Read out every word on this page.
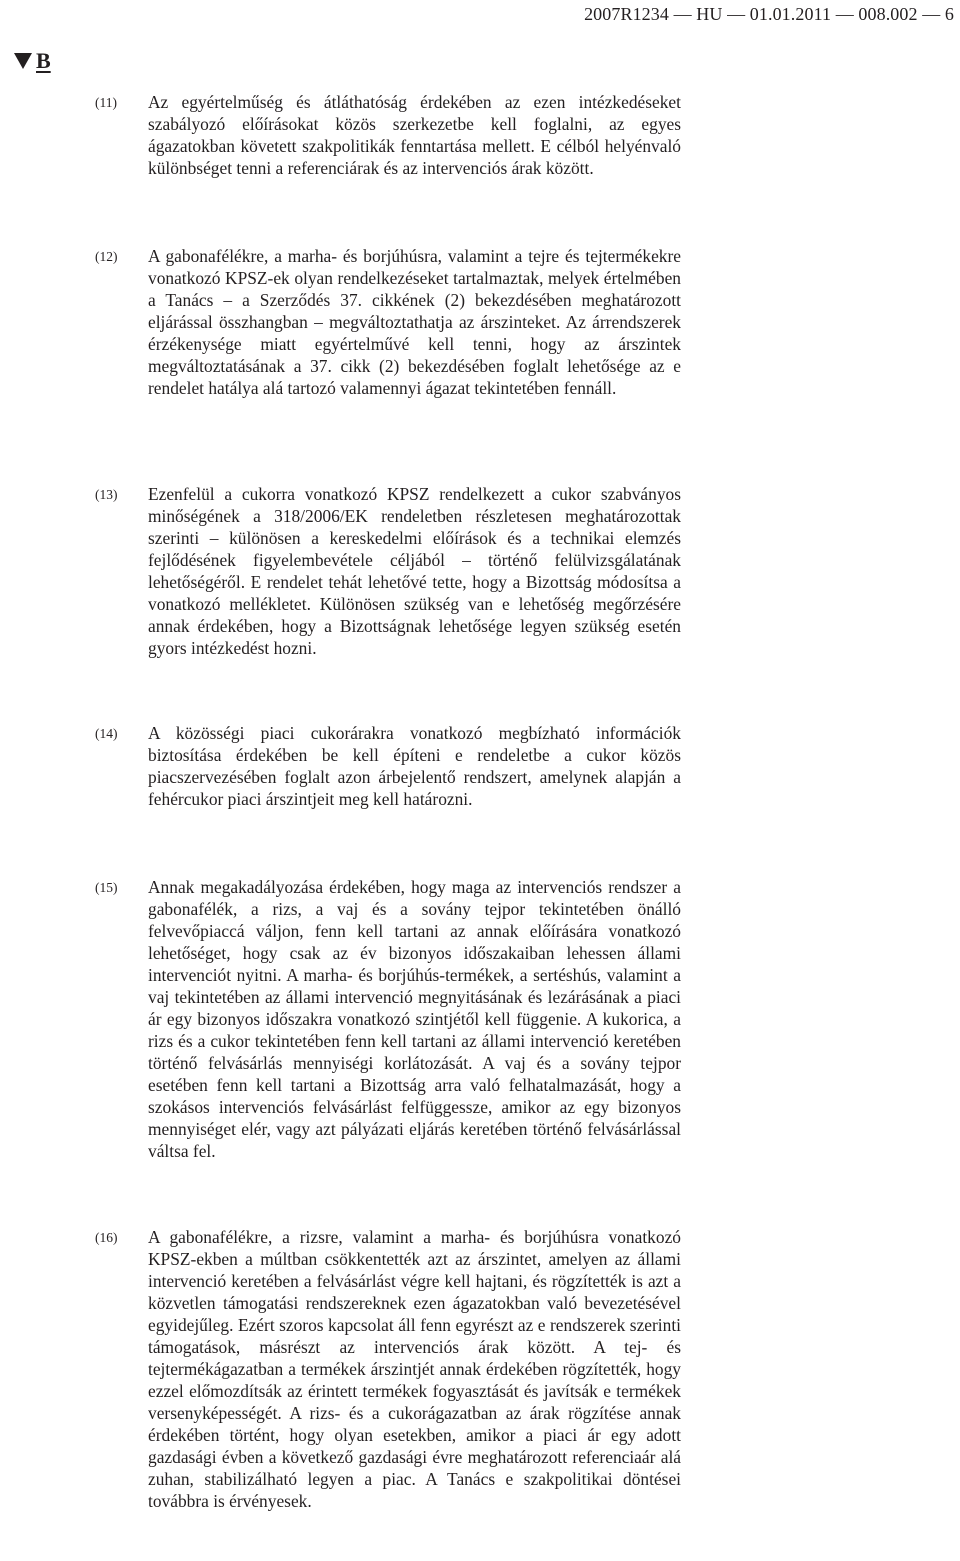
2007R1234 — HU — 01.01.2011 — 008.002 — 6
B
(11) Az egyértelműség és átláthatóság érdekében az ezen intézkedéseket szabályozó előírásokat közös szerkezetbe kell foglalni, az egyes ágazatokban követett szakpolitikák fenntartása mellett. E célból helyénvaló különbséget tenni a referenciárak és az intervenciós árak között.
(12) A gabonafélékre, a marha- és borjúhúsra, valamint a tejre és tejtermékekre vonatkozó KPSZ-ek olyan rendelkezéseket tartalmaztak, melyek értelmében a Tanács – a Szerződés 37. cikkének (2) bekezdésében meghatározott eljárással összhangban – megváltoztathatja az árszinteket. Az árrendszerek érzékenysége miatt egyértelművé kell tenni, hogy az árszintek megváltoztatásának a 37. cikk (2) bekezdésében foglalt lehetősége az e rendelet hatálya alá tartozó valamennyi ágazat tekintetében fennáll.
(13) Ezenfelül a cukorra vonatkozó KPSZ rendelkezett a cukor szabványos minőségének a 318/2006/EK rendeletben részletesen meghatározottak szerinti – különösen a kereskedelmi előírások és a technikai elemzés fejlődésének figyelembevétele céljából – történő felülvizsgálatának lehetőségéről. E rendelet tehát lehetővé tette, hogy a Bizottság módosítsa a vonatkozó mellékletet. Különösen szükség van e lehetőség megőrzésére annak érdekében, hogy a Bizottságnak lehetősége legyen szükség esetén gyors intézkedést hozni.
(14) A közösségi piaci cukorárakra vonatkozó megbízható információk biztosítása érdekében be kell építeni e rendeletbe a cukor közös piacszervezésében foglalt azon árbejelentő rendszert, amelynek alapján a fehércukor piaci árszintjeit meg kell határozni.
(15) Annak megakadályozása érdekében, hogy maga az intervenciós rendszer a gabonafélék, a rizs, a vaj és a sovány tejpor tekintetében önálló felvevőpiaccá váljon, fenn kell tartani az annak előírására vonatkozó lehetőséget, hogy csak az év bizonyos időszakaiban lehessen állami intervenciót nyitni. A marha- és borjúhús-termékek, a sertéshús, valamint a vaj tekintetében az állami intervenció megnyitásának és lezárásának a piaci ár egy bizonyos időszakra vonatkozó szintjétől kell függenie. A kukorica, a rizs és a cukor tekintetében fenn kell tartani az állami intervenció keretében történő felvásárlás mennyiségi korlátozását. A vaj és a sovány tejpor esetében fenn kell tartani a Bizottság arra való felhatalmazását, hogy a szokásos intervenciós felvásárlást felfüggessze, amikor az egy bizonyos mennyiséget elér, vagy azt pályázati eljárás keretében történő felvásárlással váltsa fel.
(16) A gabonafélékre, a rizsre, valamint a marha- és borjúhúsra vonatkozó KPSZ-ekben a múltban csökkentették azt az árszintet, amelyen az állami intervenció keretében a felvásárlást végre kell hajtani, és rögzítették is azt a közvetlen támogatási rendszereknek ezen ágazatokban való bevezetésével egyidejűleg. Ezért szoros kapcsolat áll fenn egyrészt az e rendszerek szerinti támogatások, másrészt az intervenciós árak között. A tej- és tejtermékágazatban a termékek árszintjét annak érdekében rögzítették, hogy ezzel előmozdítsák az érintett termékek fogyasztását és javítsák e termékek versenyképességét. A rizs- és a cukorágazatban az árak rögzítése annak érdekében történt, hogy olyan esetekben, amikor a piaci ár egy adott gazdasági évben a következő gazdasági évre meghatározott referenciaár alá zuhan, stabilizálható legyen a piac. A Tanács e szakpolitikai döntései továbbra is érvényesek.
